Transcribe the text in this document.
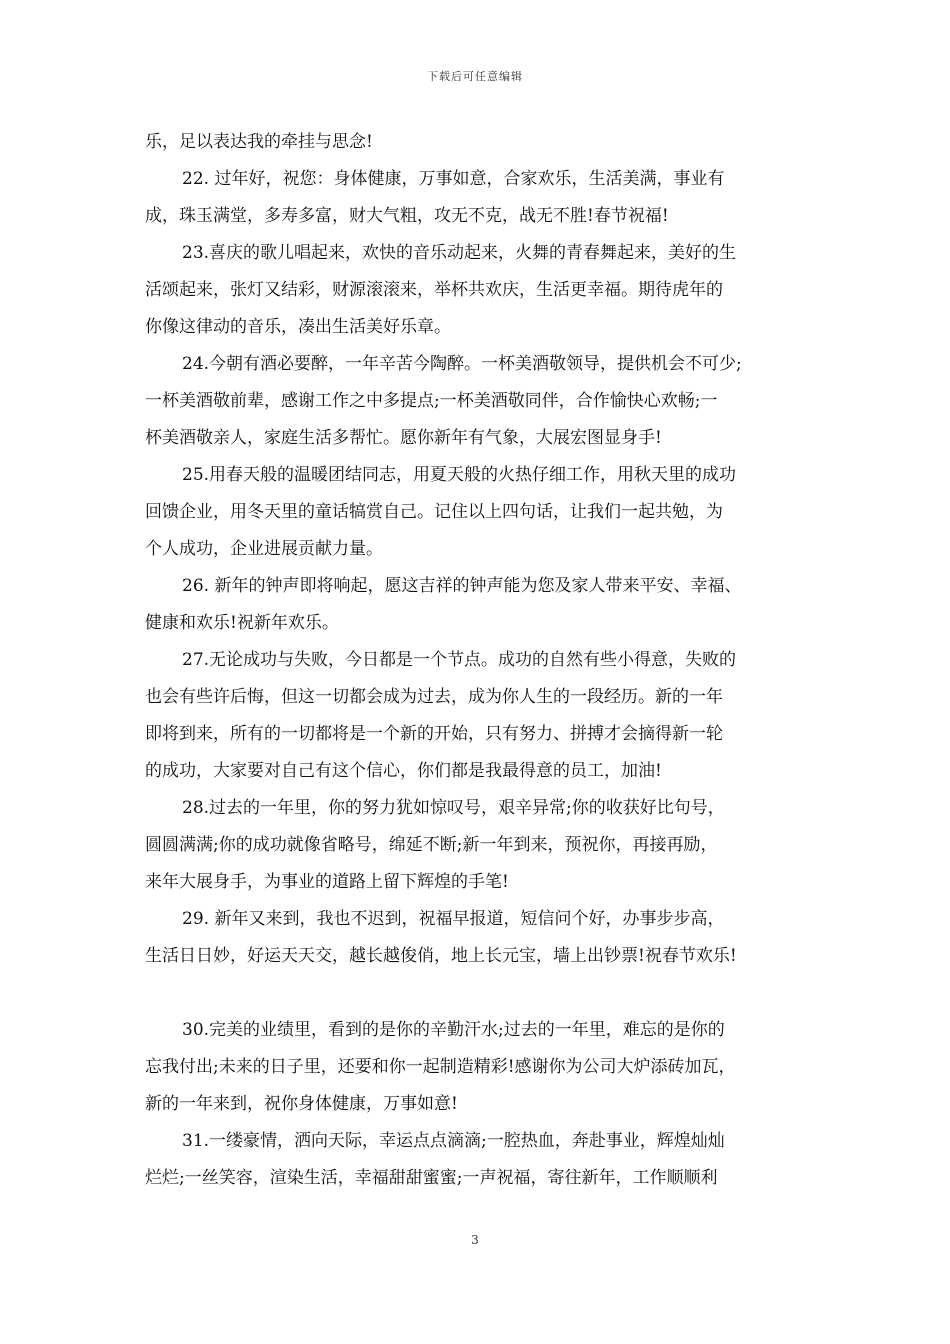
下载后可任意编辑
乐，足以表达我的牵挂与思念!
22. 过年好，祝您：身体健康，万事如意，合家欢乐，生活美满，事业有
成，珠玉满堂，多寿多富，财大气粗，攻无不克，战无不胜!春节祝福!
23.喜庆的歌儿唱起来，欢快的音乐动起来，火舞的青春舞起来，美好的生
活颂起来，张灯又结彩，财源滚滚来，举杯共欢庆，生活更幸福。期待虎年的
你像这律动的音乐，凑出生活美好乐章。
24.今朝有酒必要醉，一年辛苦今陶醉。一杯美酒敬领导，提供机会不可少;
一杯美酒敬前辈，感谢工作之中多提点;一杯美酒敬同伴，合作愉快心欢畅;一
杯美酒敬亲人，家庭生活多帮忙。愿你新年有气象，大展宏图显身手!
25.用春天般的温暖团结同志，用夏天般的火热仔细工作，用秋天里的成功
回馈企业，用冬天里的童话犒赏自己。记住以上四句话，让我们一起共勉，为
个人成功，企业进展贡献力量。
26. 新年的钟声即将响起，愿这吉祥的钟声能为您及家人带来平安、幸福、
健康和欢乐!祝新年欢乐。
27.无论成功与失败，今日都是一个节点。成功的自然有些小得意，失败的
也会有些许后悔，但这一切都会成为过去，成为你人生的一段经历。新的一年
即将到来，所有的一切都将是一个新的开始，只有努力、拼搏才会摘得新一轮
的成功，大家要对自己有这个信心，你们都是我最得意的员工，加油!
28.过去的一年里，你的努力犹如惊叹号，艰辛异常;你的收获好比句号，
圆圆满满;你的成功就像省略号，绵延不断;新一年到来，预祝你，再接再励，
来年大展身手，为事业的道路上留下辉煌的手笔!
29. 新年又来到，我也不迟到，祝福早报道，短信问个好，办事步步高，
生活日日妙，好运天天交，越长越俊俏，地上长元宝，墙上出钞票!祝春节欢乐!
30.完美的业绩里，看到的是你的辛勤汗水;过去的一年里，难忘的是你的
忘我付出;未来的日子里，还要和你一起制造精彩!感谢你为公司大炉添砖加瓦，
新的一年来到，祝你身体健康，万事如意!
31.一缕豪情，洒向天际，幸运点点滴滴;一腔热血，奔赴事业，辉煌灿灿
烂烂;一丝笑容，渲染生活，幸福甜甜蜜蜜;一声祝福，寄往新年，工作顺顺利
3
